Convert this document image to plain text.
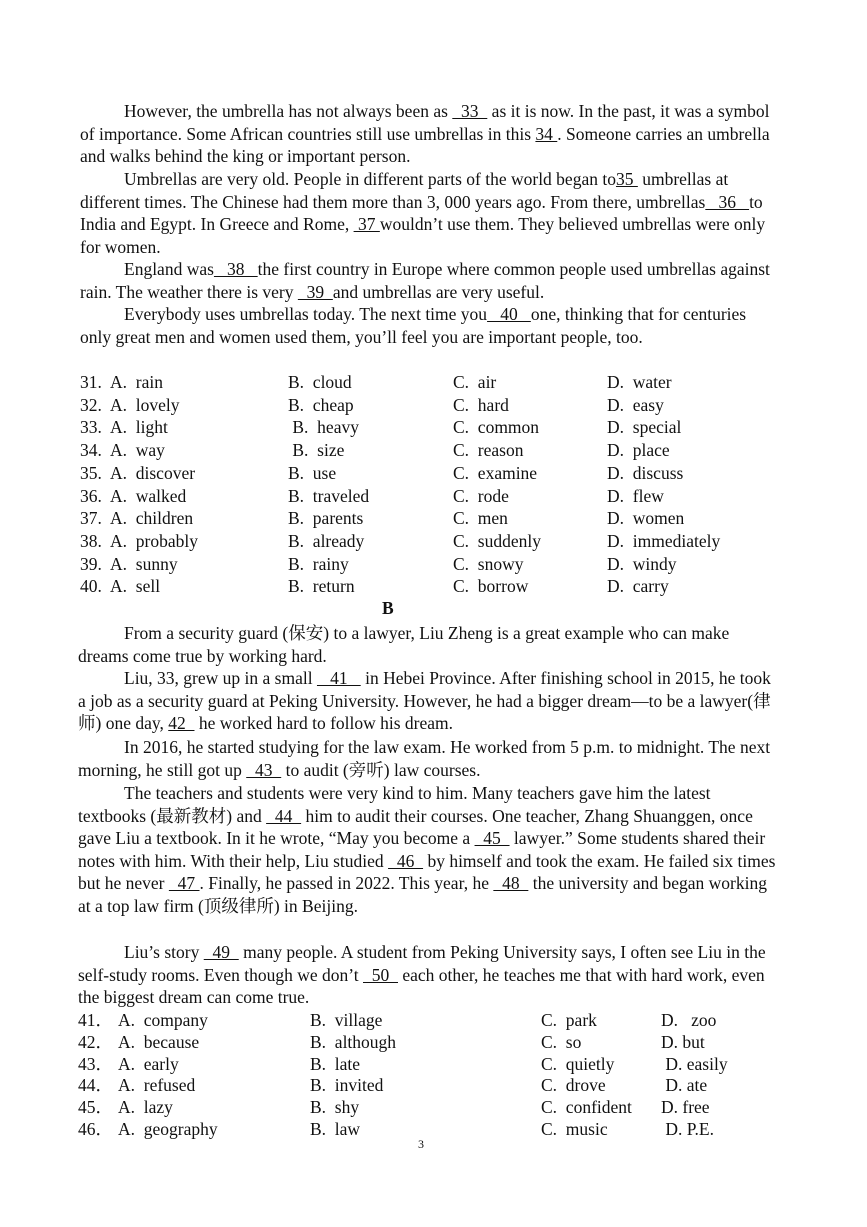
However, the umbrella has not always been as   33   as it is now. In the past, it was a symbol of importance. Some African countries still use umbrellas in this 34 . Someone carries an umbrella and walks behind the king or important person.
Umbrellas are very old. People in different parts of the world began to35  umbrellas at different times. The Chinese had them more than 3, 000 years ago. From there, umbrellas   36   to India and Egypt. In Greece and Rome,  37 wouldn’t use them. They believed umbrellas were only for women.
England was   38   the first country in Europe where common people used umbrellas against rain. The weather there is very   39  and umbrellas are very useful.
Everybody uses umbrellas today. The next time you   40   one, thinking that for centuries only great men and women used them, you’ll feel you are important people, too.
31. A.  rain	B.  cloud	C.  air	D.  water
32. A.  lovely	B.  cheap	C.  hard	D.  easy
33. A.  light	B.  heavy	C.  common	D.  special
34. A.  way	B.  size	C.  reason	D.  place
35. A.  discover	B.  use	C.  examine	D.  discuss
36. A.  walked	B.  traveled	C.  rode	D.  flew
37. A.  children	B.  parents	C.  men	D.  women
38. A.  probably	B.  already	C.  suddenly	D.  immediately
39. A.  sunny	B.  rainy	C.  snowy	D.  windy
40. A.  sell	B.  return	C.  borrow	D.  carry
B
From a security guard (保安) to a lawyer, Liu Zheng is a great example who can make dreams come true by working hard.
Liu, 33, grew up in a small    41    in Hebei Province. After finishing school in 2015, he took a job as a security guard at Peking University. However, he had a bigger dream—to be a lawyer(律师) one day, 42   he worked hard to follow his dream.
In 2016, he started studying for the law exam. He worked from 5 p.m. to midnight. The next morning, he still got up   43   to audit (旁听) law courses.
The teachers and students were very kind to him. Many teachers gave him the latest textbooks (最新教材) and   44   him to audit their courses. One teacher, Zhang Shuanggen, once gave Liu a textbook. In it he wrote, “May you become a   45   lawyer.” Some students shared their notes with him. With their help, Liu studied   46   by himself and took the exam. He failed six times but he never   47 . Finally, he passed in 2022. This year, he   48   the university and began working at a top law firm (顶级律所) in Beijing.
Liu’s story   49   many people. A student from Peking University says, I often see Liu in the self-study rooms. Even though we don’t   50   each other, he teaches me that with hard work, even the biggest dream can come true.
41． A.  company	B.  village	C.  park	D.   zoo
42． A.  because	B.  although	C.  so	D. but
43． A.  early	B.  late	C.  quietly	D. easily
44． A.  refused	B.  invited	C.  drove	D. ate
45． A.  lazy	B.  shy	C.  confident D. free
46． A.  geography	B.  law	C.  music	D. P.E.
3
